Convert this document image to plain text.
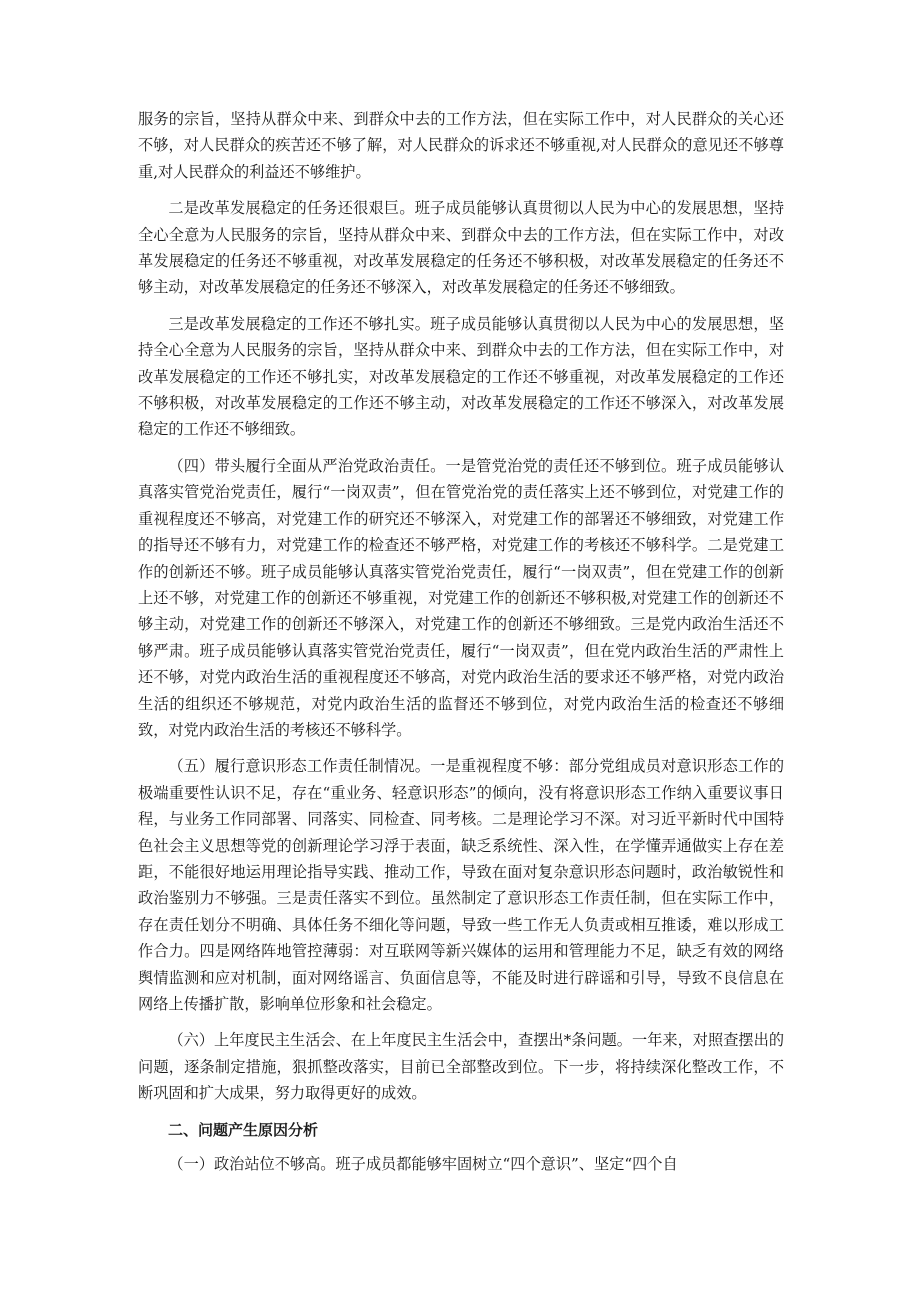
服务的宗旨，坚持从群众中来、到群众中去的工作方法，但在实际工作中，对人民群众的关心还不够，对人民群众的疾苦还不够了解，对人民群众的诉求还不够重视,对人民群众的意见还不够尊重,对人民群众的利益还不够维护。

二是改革发展稳定的任务还很艰巨。班子成员能够认真贯彻以人民为中心的发展思想，坚持全心全意为人民服务的宗旨，坚持从群众中来、到群众中去的工作方法，但在实际工作中，对改革发展稳定的任务还不够重视，对改革发展稳定的任务还不够积极，对改革发展稳定的任务还不够主动，对改革发展稳定的任务还不够深入，对改革发展稳定的任务还不够细致。

三是改革发展稳定的工作还不够扎实。班子成员能够认真贯彻以人民为中心的发展思想，坚持全心全意为人民服务的宗旨，坚持从群众中来、到群众中去的工作方法，但在实际工作中，对改革发展稳定的工作还不够扎实，对改革发展稳定的工作还不够重视，对改革发展稳定的工作还不够积极，对改革发展稳定的工作还不够主动，对改革发展稳定的工作还不够深入，对改革发展稳定的工作还不够细致。

（四）带头履行全面从严治党政治责任。一是管党治党的责任还不够到位。班子成员能够认真落实管党治党责任，履行“一岗双责”，但在管党治党的责任落实上还不够到位，对党建工作的重视程度还不够高，对党建工作的研究还不够深入，对党建工作的部署还不够细致，对党建工作的指导还不够有力，对党建工作的检查还不够严格，对党建工作的考核还不够科学。二是党建工作的创新还不够。班子成员能够认真落实管党治党责任，履行“一岗双责”，但在党建工作的创新上还不够，对党建工作的创新还不够重视，对党建工作的创新还不够积极,对党建工作的创新还不够主动，对党建工作的创新还不够深入，对党建工作的创新还不够细致。三是党内政治生活还不够严肃。班子成员能够认真落实管党治党责任，履行“一岗双责”，但在党内政治生活的严肃性上还不够，对党内政治生活的重视程度还不够高，对党内政治生活的要求还不够严格，对党内政治生活的组织还不够规范，对党内政治生活的监督还不够到位，对党内政治生活的检查还不够细致，对党内政治生活的考核还不够科学。

（五）履行意识形态工作责任制情况。一是重视程度不够：部分党组成员对意识形态工作的极端重要性认识不足，存在“重业务、轻意识形态”的倾向，没有将意识形态工作纳入重要议事日程，与业务工作同部署、同落实、同检查、同考核。二是理论学习不深。对习近平新时代中国特色社会主义思想等党的创新理论学习浮于表面，缺乏系统性、深入性，在学懂弄通做实上存在差距，不能很好地运用理论指导实践、推动工作，导致在面对复杂意识形态问题时，政治敏锐性和政治鉴别力不够强。三是责任落实不到位。虽然制定了意识形态工作责任制，但在实际工作中，存在责任划分不明确、具体任务不细化等问题，导致一些工作无人负责或相互推诿，难以形成工作合力。四是网络阵地管控薄弱：对互联网等新兴媒体的运用和管理能力不足，缺乏有效的网络舆情监测和应对机制，面对网络谣言、负面信息等，不能及时进行辟谣和引导，导致不良信息在网络上传播扩散，影响单位形象和社会稳定。

（六）上年度民主生活会、在上年度民主生活会中，查摆出*条问题。一年来，对照查摆出的问题，逐条制定措施，狠抓整改落实，目前已全部整改到位。下一步，将持续深化整改工作，不断巩固和扩大成果，努力取得更好的成效。

二、问题产生原因分析

（一）政治站位不够高。班子成员都能够牢固树立“四个意识”、坚定“四个自
